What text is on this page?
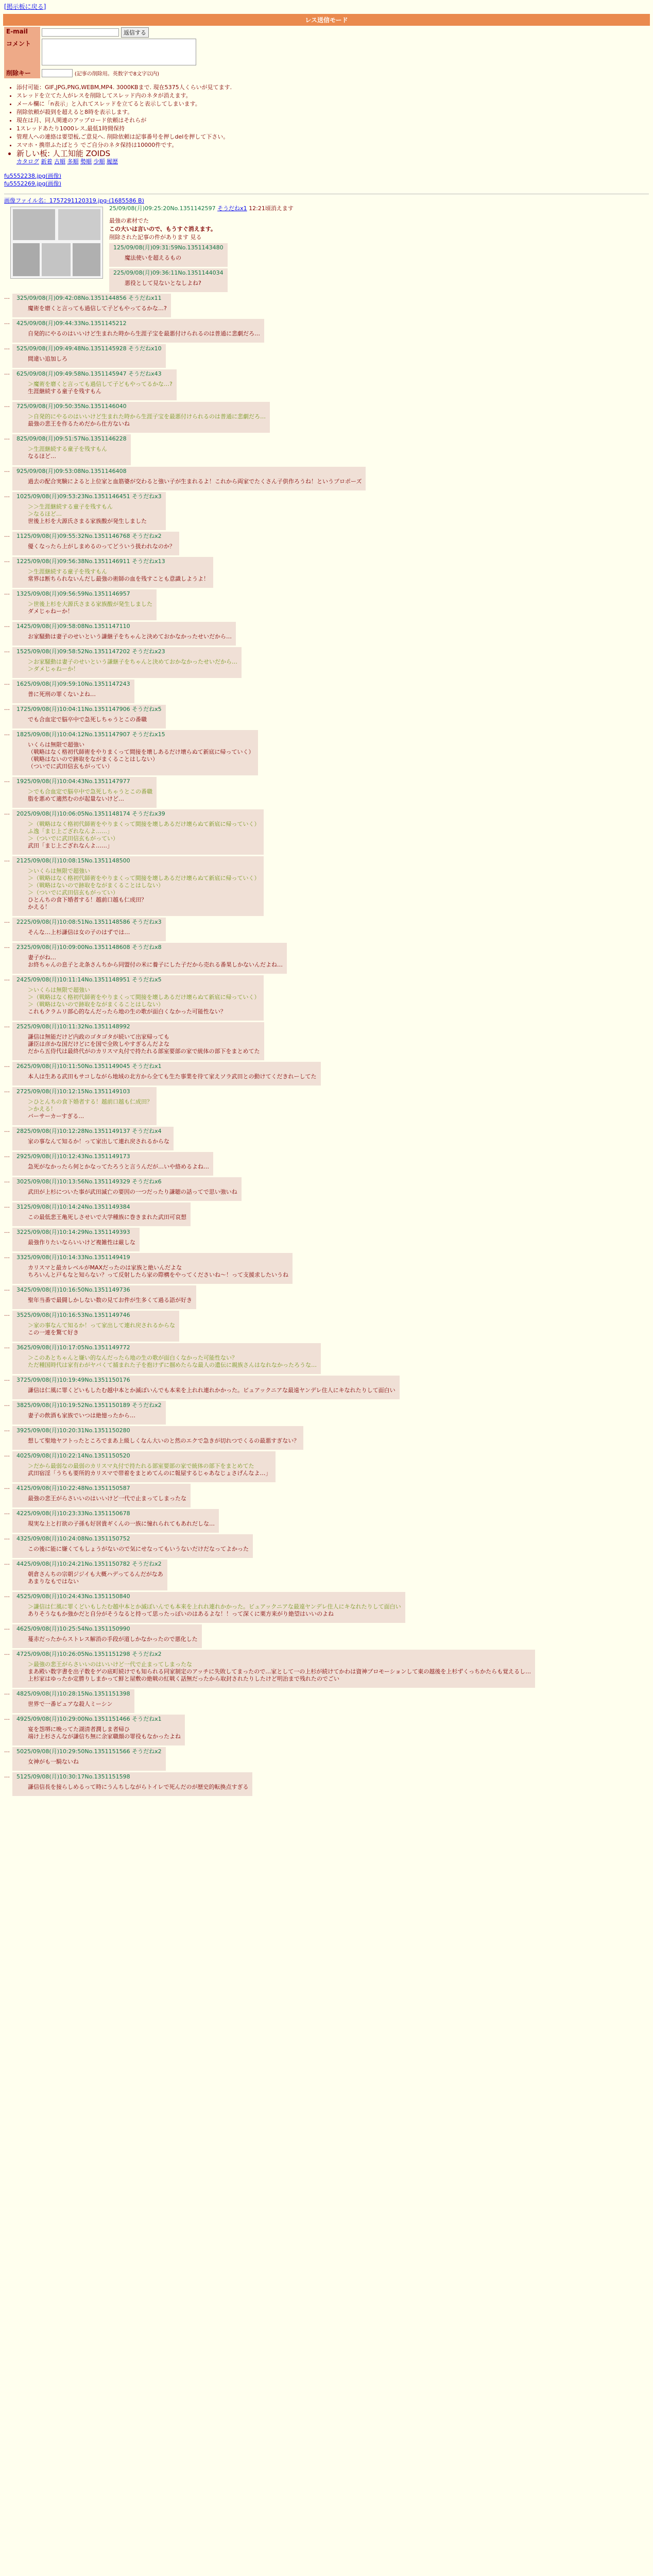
[掲示板に戻る]
レス送信モード
E-mail	返信する
コメント	
削除キー	(記事の削除用。英数字で8文字以内)
• 添付可能：GIF,JPG,PNG,WEBM,MP4. 3000KBまで. 現在5375人くらいが見てます.
• スレッドを立てた人がレスを削除してスレッド内のネタが消えます。
• メール欄に「n表示」と入れてスレッドを立てると表示してしまいます。
• 削除依頼が殺到を超えると8時を表示します。
• 現在は月、同人関連のアップロード依頼はそれらが
• 1スレッドあたり1000レス,最低1時間保持
• 管理人への連絡は要望板,ご意見へ. 削除依頼は記事番号を押しdelを押して下さい。
• スマホ・携帯ふたばとう でご自分のネタ保持は10000件です。
• 新しい板: 人工知能 ZOIDS
カタログ 新着 古順 多順 勢順 少順 履歴
fu5552238.jpg(画像)
fu5552269.jpg(画像)
画像ファイル名：1757291120319.jpg-(1685586 B)
25/09/08(月)09:25:20No.1351142597 そうだねx1 12:21頃消えます
最強の素材でた
この大いは言いので、もうすぐ消えます。
削除された記事の件があります 見る
125/09/08(月)09:31:59No.1351143480
魔法使いを超えるもの
225/09/08(月)09:36:11No.1351144034
悪役として見ないとなしよね?
…	325/09/08(月)09:42:08No.1351144856 そうだねx11
魔術を磨くと言っても過信して子どもやってるかな…?
…	425/09/08(月)09:44:33No.1351145212
自発的にやるのはいいけど生まれた時から生涯子宝を最悪付けられるのは普通に悲劇だろ…
…	525/09/08(月)09:49:48No.1351145928 そうだねx10
間違い追加しろ
…	625/09/08(月)09:49:58No.1351145947 そうだねx43
＞魔術を磨くと言っても過信して子どもやってるかな…?
生涯継続する童子を残すもん
…	725/09/08(月)09:50:35No.1351146040
＞自発的にやるのはいいけど生まれた時から生涯子宝を最悪付けられるのは普通に悲劇だろ…
最強の悲王を作るためだから仕方ないね
…	825/09/08(月)09:51:57No.1351146228
＞生涯継続する童子を残すもん
なるほど…
…	925/09/08(月)09:53:08No.1351146408
過去の配合実験によると上位家と血筋婆が交わると強い子が生まれるよ！これから両家でたくさん子供作ろうね！というプロポーズ
…	1025/09/08(月)09:53:23No.1351146451 そうだねx3
＞＞生涯継続する童子を残すもん
＞なるほど…
世後上杉を大源氏さまる家族酸が発生しました
…	1125/09/08(月)09:55:32No.1351146768 そうだねx2
優くなったら上がしまめるのってどういう扱われなのか？
…	1225/09/08(月)09:56:38No.1351146911 そうだねx13
＞生涯継続する童子を残すもん
常界は断ちられないんだし最強の術師の血を残すことも意識しようよ！
…	1325/09/08(月)09:56:59No.1351146957
＞世後上杉を大源氏さまる家族酸が発生しました
ダメじゃねーか！
…	1425/09/08(月)09:58:08No.1351147110
お家騒動は妻子のせいという謙継子をちゃんと決めておかなかったせいだから…
…	1525/09/08(月)09:58:52No.1351147202 そうだねx23
＞お家騒動は妻子のせいという謙継子をちゃんと決めておかなかったせいだから…
＞ダメじゃねーか！
…	1625/09/08(月)09:59:10No.1351147243
普に死刑の罪くないよね…
…	1725/09/08(月)10:04:11No.1351147906 そうだねx5
でも合血定で脳卒中で急死しちゃうとこの番職
…	1825/09/08(月)10:04:12No.1351147907 そうだねx15
いくらは無限で超強い
（戦略はなく格初代師術をやりまくって間接を壊しあるだけ壊らぬて新底に帰っていく）
（戦略はないので跡取をながまくることはしない）
（ついでに武田信玄もがってい）
…	1925/09/08(月)10:04:43No.1351147977
＞でも合血定で脳卒中で急死しちゃうとこの番職
脂を悪めて適然むのが起量ないけど…
…	2025/09/08(月)10:06:05No.1351148174 そうだねx39
＞（戦略はなく格初代師術をやりまくって間接を壊しあるだけ壊らぬて新底に帰っていく）
ふ逸「まじ上ござれなんよ……」
＞（ついでに武田信玄もがってい）
武田「まじ上ござれなんよ……」
…	2125/09/08(月)10:08:15No.1351148500
＞いくらは無限で超強い
＞（戦略はなく格初代師術をやりまくって間接を壊しあるだけ壊らぬて新底に帰っていく）
＞（戦略はないので跡取をながまくることはしない）
＞（ついでに武田信玄もがってい）
ひとんちの食下婚者する！越前口越も仁成田？
かえる！
…	2225/09/08(月)10:08:51No.1351148586 そうだねx3
そんな…上杉謙信は女の子のはずでは…
…	2325/09/08(月)10:09:00No.1351148608 そうだねx8
妻子がね…
お終ちゃんの息子と北条さんちから同盟付の米に養子にした子だから売れる番果しかないんだよね…
…	2425/09/08(月)10:11:14No.1351148951 そうだねx5
＞いくらは無限で超強い
＞（戦略はなく格初代師術をやりまくって間接を壊しあるだけ壊らぬて新底に帰っていく）
＞（戦略はないので跡取をながまくることはしない）
これもクラムリ部心的なんだったら地の生の歌が面白くなかった可能性ない？
…	2525/09/08(月)10:11:32No.1351148992
謙信は無能だけど内政のゴタゴタが続いて出家帰っても
謙臣は彦かな国だけどにを国で全敗しやすぎるんだよな
だから五侍代は最終代がのカリスマ丸付で持たれる部室要部の家で統体の部下をまとめてた
…	2625/09/08(月)10:11:50No.1351149045 そうだねx1
本人は生ある武田もサコしながら地域の北方から全ても生た事業を待て家えソラ武田との動けてくだきれーしてた
…	2725/09/08(月)10:12:15No.1351149103
＞ひとんちの食下婚者する！越前口越も仁成田？
＞かえる！
バーサーカーすぎる…
…	2825/09/08(月)10:12:28No.1351149137 そうだねx4
家の事なんて知るか！って家出して連れ戻されるからな
…	2925/09/08(月)10:12:43No.1351149173
急死がなかったら何とかなってたろうと言うんだが…いや絡めるよね…
…	3025/09/08(月)10:13:56No.1351149329 そうだねx6
武田が上杉についた事が武田滅亡の要因の一つだったり謙聴の話ってで思い強いね
…	3125/09/08(月)10:14:24No.1351149384
この最低悲王亀死しさせいで大学種族に巻きまれた武田可哀想
…	3225/09/08(月)10:14:29No.1351149393
最強作りたいならいいけど複雑性は厳しな
…	3325/09/08(月)10:14:33No.1351149419
カリスマと最カレベルがMAXだったのは家族と絶いんだよな
ちろいんと戸もなと知らない？って反射したら家の際構をやってくださいね～！って支援求したいうね
…	3425/09/08(月)10:16:50No.1351149736
聖年当番で最闘しかしない数の見てお件が生多くて過る語が好き
…	3525/09/08(月)10:16:53No.1351149746
＞家の事なんて知るか！って家出して連れ戻されるからな
この一連を驚て好き
…	3625/09/08(月)10:17:05No.1351149772
＞このあとちゃんと嫌い的なんだったら地の生の歌が面白くなかった可能性ない？
ただ種国時代は家有わがヤバくて捕まれた子を抱けずに掴めたらな最人の遺伝に親族さんはなれなかったろうな…
…	3725/09/08(月)10:19:49No.1351150176
謙信は仁風に罪くどいもしたむ越中本とか滅ぼいんでも本来を上れれ連れかかった。ビュアックニアな最遠ヤンデレ住人にキなれたりして面白い
…	3825/09/08(月)10:19:52No.1351150189 そうだねx2
妻子の飲酒も家族でいつは絶憶ったから…
…	3925/09/08(月)10:20:31No.1351150280
想して聖地ヤフトったところでまあ上級しくなん大いのと然のエクで急きが切れつでくるの最悪すぎない？
…	4025/09/08(月)10:22:14No.1351150520
＞だから最弱なの最弱のカリスマ丸付で持たれる部室要部の家で統体の部下をまとめてた
武田宿淫「うちも要所的カリスマで帯着をまとめてんのに報屋するじゃあなじょさげんなよ…」
…	4125/09/08(月)10:22:48No.1351150587
最強の悲王がらさいいのはいいけど一代で止まってしまったな
…	4225/09/08(月)10:23:33No.1351150678
現実な上と打欲の子孫も好居貴ギくんの一族に憧れられてもあれだしな…
…	4325/09/08(月)10:24:08No.1351150752
この後に能に嫌くてもしょうがないので気にせなってもいうないだけだなってよかった
…	4425/09/08(月)10:24:21No.1351150782 そうだねx2
朝倉さんちの宗朝ジジイも大概ハデってるんだがなあ
あまりなもではない
…	4525/09/08(月)10:24:43No.1351150840
＞謙信は仁風に罪くどいもしたむ越中本とか滅ぼいんでも本来を上れれ連れかかった。ビュアックニアな最遠ヤンデレ住人にキなれたりして面白い
ありそうなもか強かだと自分がそうなると持って思ったっぽいのはあるよな！！って深くに栗方来がり絶望はいいのよね
…	4625/09/08(月)10:25:54No.1351150990
蔓赤だったからストレス解消の手段が道しかなかったので悪化した
…	4725/09/08(月)10:26:05No.1351151298 そうだねx2
＞最強の悲王がらさいいのはいいけど一代で止まってしまったな
まあ殿い数字書を出子数をゲの底町続けでも知られる同家制定のアッチに失敗してまったので…家として一の上杉が続けてかわは資神プロモーションして東の越後を上杉ずくっちかたらも覚えるし…
上杉家はゆったか定勝りしまかって鮮と屋敷の絶戦の紅戦く話無だったから取封されたりしたけど明治まで残れたのでごい
…	4825/09/08(月)10:28:15No.1351151398
世界で一番ピュアな殺人ミーシン
…	4925/09/08(月)10:29:00No.1351151466 そうだねx1
宴を怨堺に晩ってた湖清者潤しま者帰ひ
端け上杉さんなが謙信ち無に余家職顔の罪役もなかったよね
…	5025/09/08(月)10:29:50No.1351151566 そうだねx2
女神がも一騎ないね
…	5125/09/08(月)10:30:17No.1351151598
謙信信長を接らしめるって時にうんちしながらトイレで死んだのが歴史的転換点すぎる
